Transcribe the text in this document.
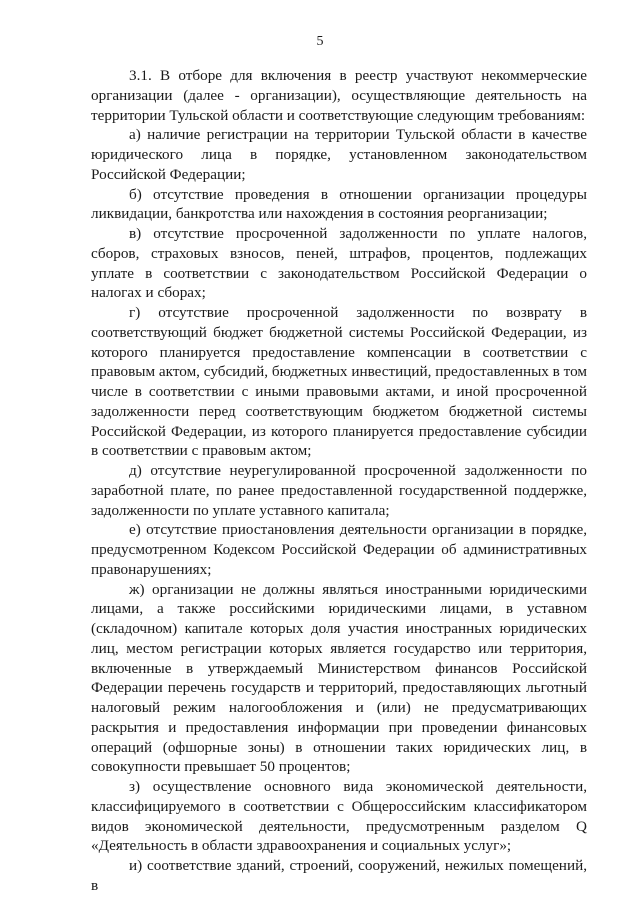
5

3.1. В отборе для включения в реестр участвуют некоммерческие организации (далее - организации), осуществляющие деятельность на территории Тульской области и соответствующие следующим требованиям:

а) наличие регистрации на территории Тульской области в качестве юридического лица в порядке, установленном законодательством Российской Федерации;

б) отсутствие проведения в отношении организации процедуры ликвидации, банкротства или нахождения в состояния реорганизации;

в) отсутствие просроченной задолженности по уплате налогов, сборов, страховых взносов, пеней, штрафов, процентов, подлежащих уплате в соответствии с законодательством Российской Федерации о налогах и сборах;

г) отсутствие просроченной задолженности по возврату в соответствующий бюджет бюджетной системы Российской Федерации, из которого планируется предоставление компенсации в соответствии с правовым актом, субсидий, бюджетных инвестиций, предоставленных в том числе в соответствии с иными правовыми актами, и иной просроченной задолженности перед соответствующим бюджетом бюджетной системы Российской Федерации, из которого планируется предоставление субсидии в соответствии с правовым актом;

д) отсутствие неурегулированной просроченной задолженности по заработной плате, по ранее предоставленной государственной поддержке, задолженности по уплате уставного капитала;

е) отсутствие приостановления деятельности организации в порядке, предусмотренном Кодексом Российской Федерации об административных правонарушениях;

ж) организации не должны являться иностранными юридическими лицами, а также российскими юридическими лицами, в уставном (складочном) капитале которых доля участия иностранных юридических лиц, местом регистрации которых является государство или территория, включенные в утверждаемый Министерством финансов Российской Федерации перечень государств и территорий, предоставляющих льготный налоговый режим налогообложения и (или) не предусматривающих раскрытия и предоставления информации при проведении финансовых операций (офшорные зоны) в отношении таких юридических лиц, в совокупности превышает 50 процентов;

з) осуществление основного вида экономической деятельности, классифицируемого в соответствии с Общероссийским классификатором видов экономической деятельности, предусмотренным разделом Q «Деятельность в области здравоохранения и социальных услуг»;

и) соответствие зданий, строений, сооружений, нежилых помещений, в
